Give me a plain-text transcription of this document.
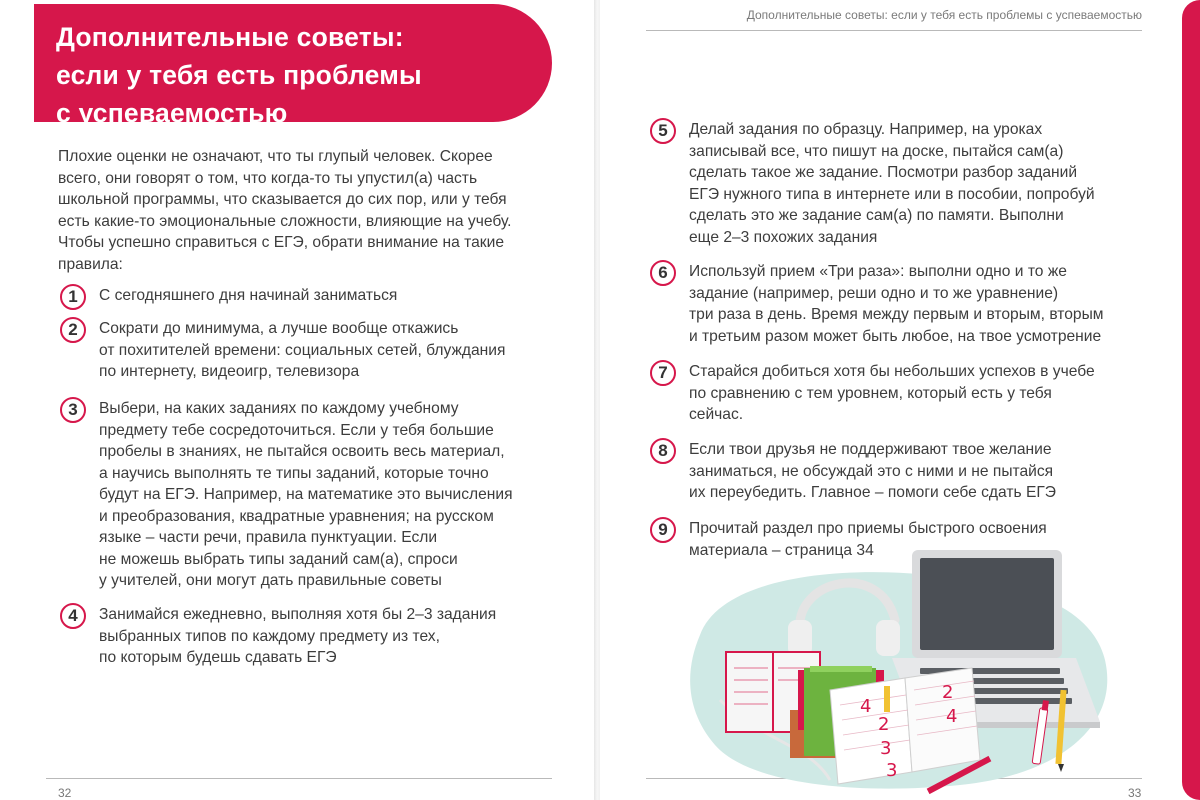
Дополнительные советы:
если у тебя есть проблемы
с успеваемостью
Плохие оценки не означают, что ты глупый человек. Скорее
всего, они говорят о том, что когда-то ты упустил(а) часть
школьной программы, что сказывается до сих пор, или у тебя
есть какие-то эмоциональные сложности, влияющие на учебу.
Чтобы успешно справиться с ЕГЭ, обрати внимание на такие
правила:
1	С сегодняшнего дня начинай заниматься
2	Сократи до минимума, а лучше вообще откажись
от похитителей времени: социальных сетей, блуждания
по интернету, видеоигр, телевизора
3	Выбери, на каких заданиях по каждому учебному
предмету тебе сосредоточиться. Если у тебя большие
пробелы в знаниях, не пытайся освоить весь материал,
а научись выполнять те типы заданий, которые точно
будут на ЕГЭ. Например, на математике это вычисления
и преобразования, квадратные уравнения; на русском
языке – части речи, правила пунктуации. Если
не можешь выбрать типы заданий сам(а), спроси
у учителей, они могут дать правильные советы
4	Занимайся ежедневно, выполняя хотя бы 2–3 задания
выбранных типов по каждому предмету из тех,
по которым будешь сдавать ЕГЭ
32
Дополнительные советы: если у тебя есть проблемы с успеваемостью
5	Делай задания по образцу. Например, на уроках
записывай все, что пишут на доске, пытайся сам(а)
сделать такое же задание. Посмотри разбор заданий
ЕГЭ нужного типа в интернете или в пособии, попробуй
сделать это же задание сам(а) по памяти. Выполни
еще 2–3 похожих задания
6	Используй прием «Три раза»: выполни одно и то же
задание (например, реши одно и то же уравнение)
три раза в день. Время между первым и вторым, вторым
и третьим разом может быть любое, на твое усмотрение
7	Старайся добиться хотя бы небольших успехов в учебе
по сравнению с тем уровнем, который есть у тебя
сейчас.
8	Если твои друзья не поддерживают твое желание
заниматься, не обсуждай это с ними и не пытайся
их переубедить. Главное – помоги себе сдать ЕГЭ
9	Прочитай раздел про приемы быстрого освоения
материала – страница 34
33
4
2
3
2
4
3
